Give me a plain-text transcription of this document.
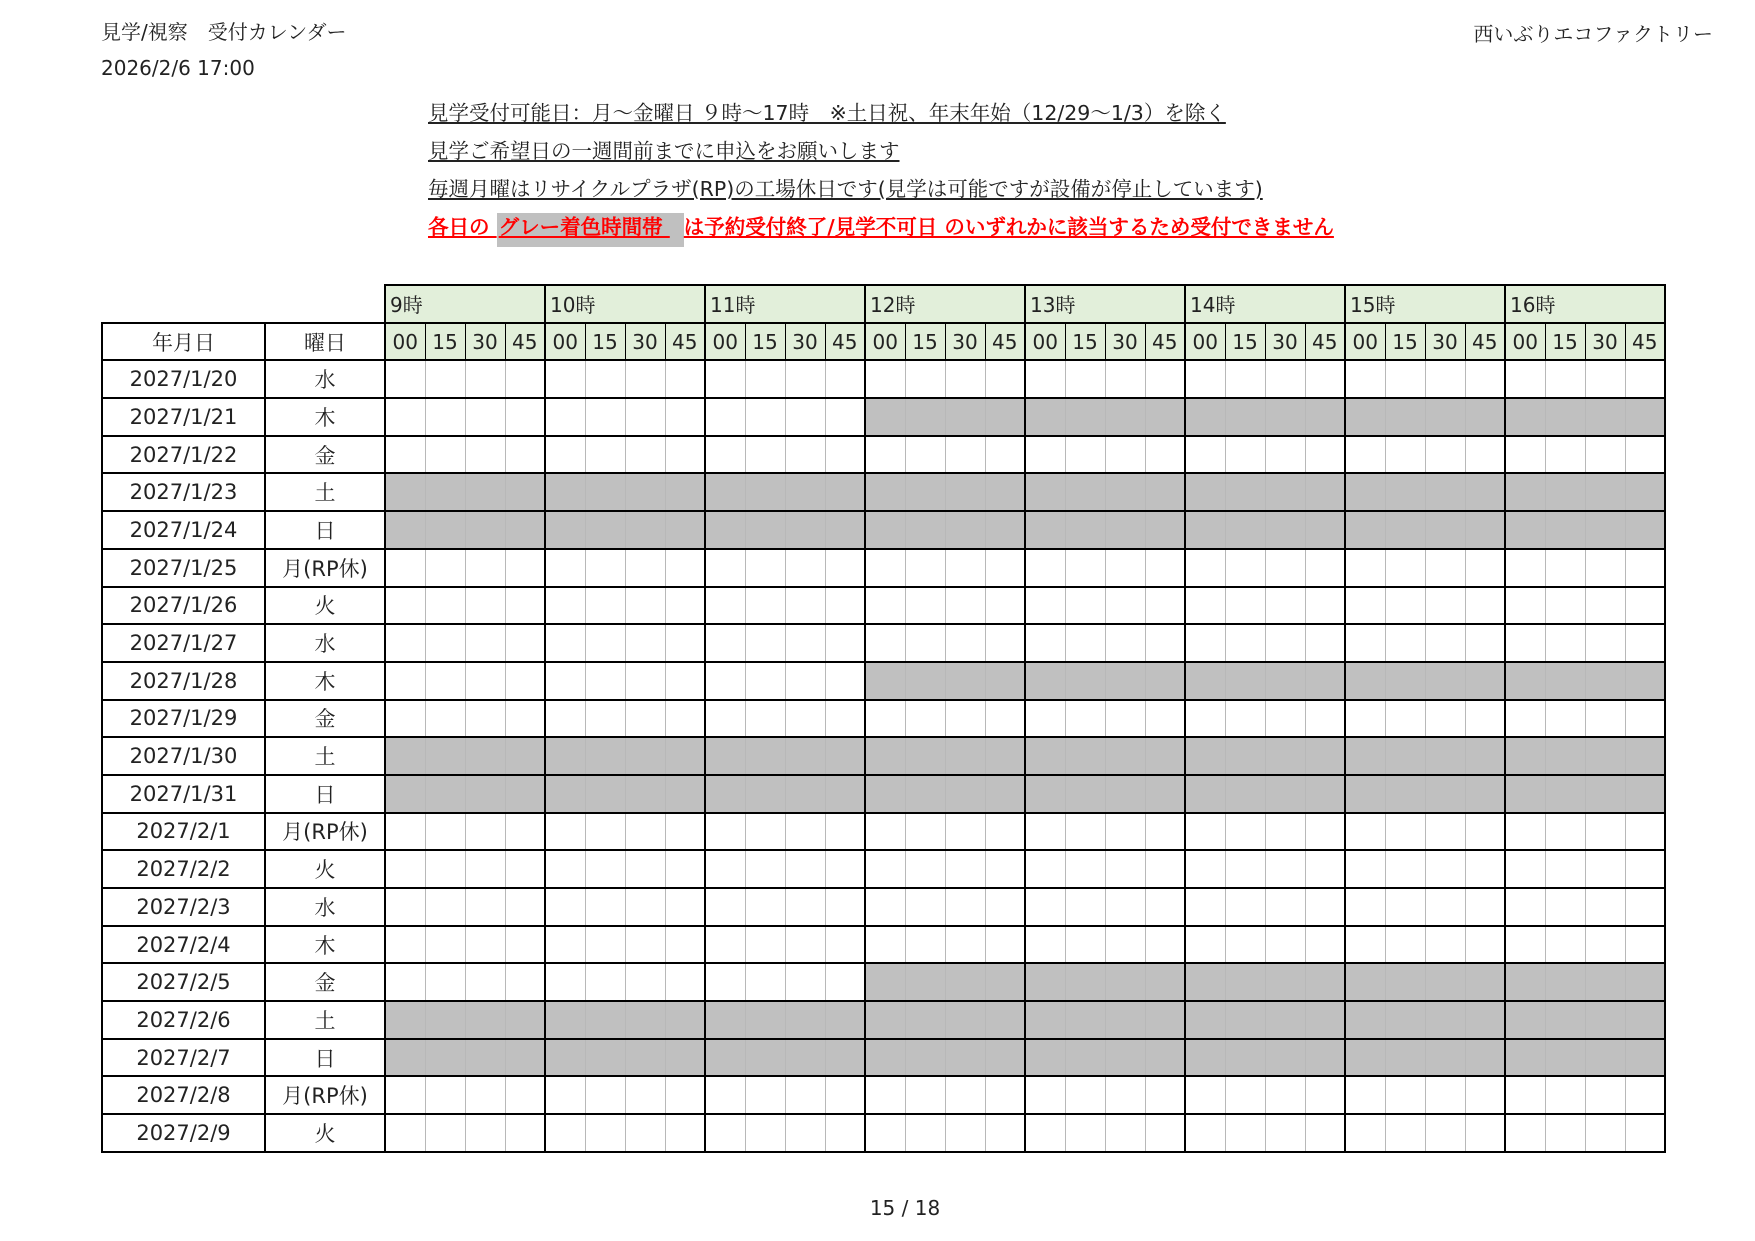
見学/視察　受付カレンダー
2026/2/6 17:00
西いぶりエコファクトリー
見学受付可能日：月～金曜日 ９時～17時　※土日祝、年末年始（12/29～1/3）を除く
見学ご希望日の一週間前までに申込をお願いします
毎週月曜はリサイクルプラザ(RP)の工場休日です(見学は可能ですが設備が停止しています)
各日の グレー着色時間帯 は予約受付終了/見学不可日 のいずれかに該当するため受付できません
		9時				10時				11時				12時				13時				14時				15時				16時			
年月日	曜日	00	15	30	45	00	15	30	45	00	15	30	45	00	15	30	45	00	15	30	45	00	15	30	45	00	15	30	45	00	15	30	45
2027/1/20	水																																
2027/1/21	木																																
2027/1/22	金																																
2027/1/23	土																																
2027/1/24	日																																
2027/1/25	月(RP休)																																
2027/1/26	火																																
2027/1/27	水																																
2027/1/28	木																																
2027/1/29	金																																
2027/1/30	土																																
2027/1/31	日																																
2027/2/1	月(RP休)																																
2027/2/2	火																																
2027/2/3	水																																
2027/2/4	木																																
2027/2/5	金																																
2027/2/6	土																																
2027/2/7	日																																
2027/2/8	月(RP休)																																
2027/2/9	火																																
15 / 18
